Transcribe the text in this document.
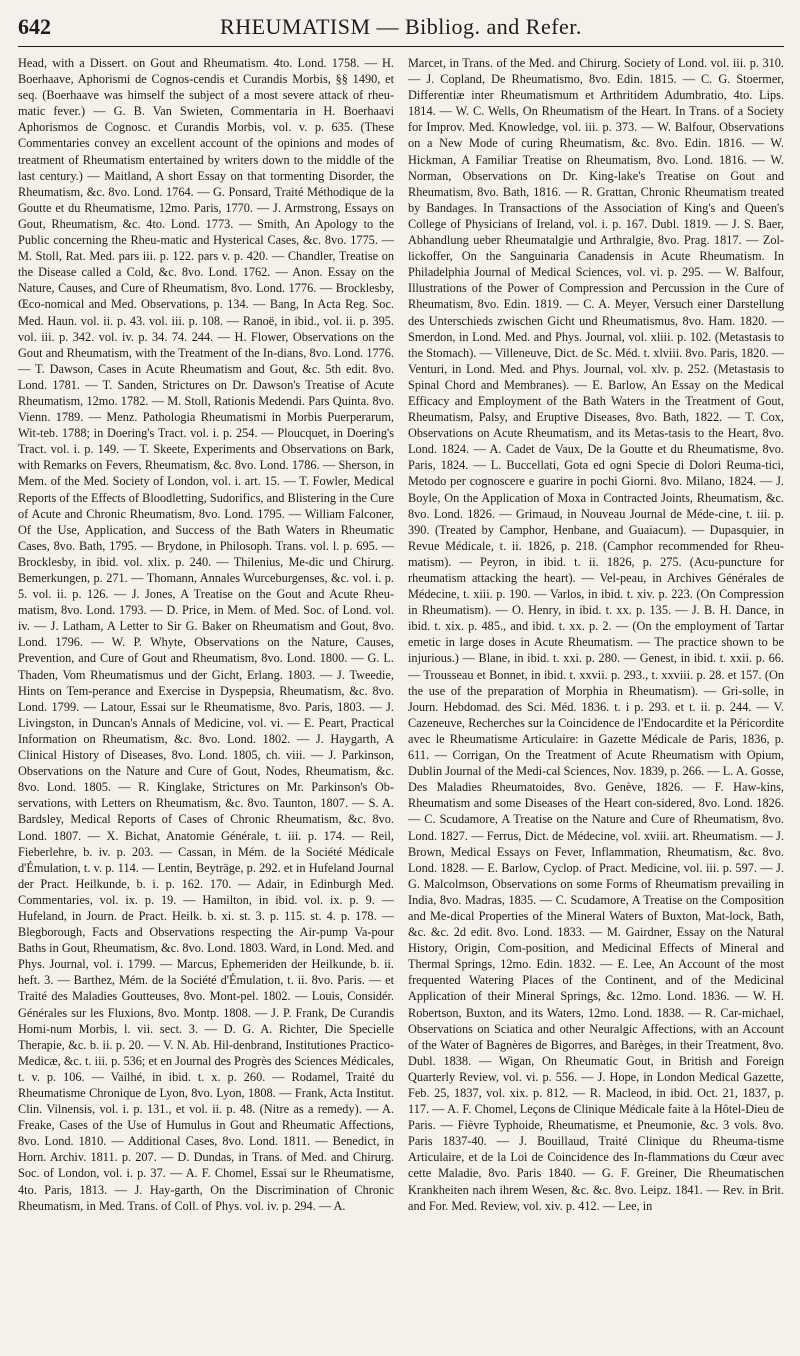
642	RHEUMATISM — Bibliog. and Refer.
Head, with a Dissert. on Gout and Rheumatism. 4to. Lond. 1758. — H. Boerhaave, Aphorismi de Cognos-cendis et Curandis Morbis, §§ 1490, et seq. (Boerhaave was himself the subject of a most severe attack of rheu-matic fever.) — G. B. Van Swieten, Commentaria in H. Boerhaavi Aphorismos de Cognosc. et Curandis Morbis, vol. v. p. 635. (These Commentaries convey an excellent account of the opinions and modes of treatment of Rheumatism entertained by writers down to the middle of the last century.) — Maitland, A short Essay on that tormenting Disorder, the Rheumatism, &c. 8vo. Lond. 1764. — G. Ponsard, Traité Méthodique de la Goutte et du Rheumatisme, 12mo. Paris, 1770. — J. Armstrong, Essays on Gout, Rheumatism, &c. 4to. Lond. 1773. — Smith, An Apology to the Public concerning the Rheu-matic and Hysterical Cases, &c. 8vo. 1775. — M. Stoll, Rat. Med. pars iii. p. 122. pars v. p. 420. — Chandler, Treatise on the Disease called a Cold, &c. 8vo. Lond. 1762. — Anon. Essay on the Nature, Causes, and Cure of Rheumatism, 8vo. Lond. 1776. — Brocklesby, Œco-nomical and Med. Observations, p. 134. — Bang, In Acta Reg. Soc. Med. Haun. vol. ii. p. 43. vol. iii. p. 108. — Ranoë, in ibid., vol. ii. p. 395. vol. iii. p. 342. vol. iv. p. 34. 74. 244. — H. Flower, Observations on the Gout and Rheumatism, with the Treatment of the In-dians, 8vo. Lond. 1776. — T. Dawson, Cases in Acute Rheumatism and Gout, &c. 5th edit. 8vo. Lond. 1781. — T. Sanden, Strictures on Dr. Dawson's Treatise of Acute Rheumatism, 12mo. 1782. — M. Stoll, Rationis Medendi. Pars Quinta. 8vo. Vienn. 1789. — Menz. Pathologia Rheumatismi in Morbis Puerperarum, Wit-teb. 1788; in Doering's Tract. vol. i. p. 254. — Ploucquet, in Doering's Tract. vol. i. p. 149. — T. Skeete, Experiments and Observations on Bark, with Remarks on Fevers, Rheumatism, &c. 8vo. Lond. 1786. — Sherson, in Mem. of the Med. Society of London, vol. i. art. 15. — T. Fowler, Medical Reports of the Effects of Bloodletting, Sudorifics, and Blistering in the Cure of Acute and Chronic Rheumatism, 8vo. Lond. 1795. — William Falconer, Of the Use, Application, and Success of the Bath Waters in Rheumatic Cases, 8vo. Bath, 1795. — Brydone, in Philosoph. Trans. vol. l. p. 695. — Brocklesby, in ibid. vol. xlix. p. 240. — Thilenius, Me-dic und Chirurg. Bemerkungen, p. 271. — Thomann, Annales Wurceburgenses, &c. vol. i. p. 5. vol. ii. p. 126. — J. Jones, A Treatise on the Gout and Acute Rheu-matism, 8vo. Lond. 1793. — D. Price, in Mem. of Med. Soc. of Lond. vol. iv. — J. Latham, A Letter to Sir G. Baker on Rheumatism and Gout, 8vo. Lond. 1796. — W. P. Whyte, Observations on the Nature, Causes, Prevention, and Cure of Gout and Rheumatism, 8vo. Lond. 1800. — G. L. Thaden, Vom Rheumatismus und der Gicht, Erlang. 1803. — J. Tweedie, Hints on Tem-perance and Exercise in Dyspepsia, Rheumatism, &c. 8vo. Lond. 1799. — Latour, Essai sur le Rheumatisme, 8vo. Paris, 1803. — J. Livingston, in Duncan's Annals of Medicine, vol. vi. — E. Peart, Practical Information on Rheumatism, &c. 8vo. Lond. 1802. — J. Haygarth, A Clinical History of Diseases, 8vo. Lond. 1805, ch. viii. — J. Parkinson, Observations on the Nature and Cure of Gout, Nodes, Rheumatism, &c. 8vo. Lond. 1805. — R. Kinglake, Strictures on Mr. Parkinson's Ob-servations, with Letters on Rheumatism, &c. 8vo. Taunton, 1807. — S. A. Bardsley, Medical Reports of Cases of Chronic Rheumatism, &c. 8vo. Lond. 1807. — X. Bichat, Anatomie Générale, t. iii. p. 174. — Reil, Fieberlehre, b. iv. p. 203. — Cassan, in Mém. de la Société Médicale d'Émulation, t. v. p. 114. — Lentin, Beyträge, p. 292. et in Hufeland Journal der Pract. Heilkunde, b. i. p. 162. 170. — Adair, in Edinburgh Med. Commentaries, vol. ix. p. 19. — Hamilton, in ibid. vol. ix. p. 9. — Hufeland, in Journ. de Pract. Heilk. b. xi. st. 3. p. 115. st. 4. p. 178. — Blegborough, Facts and Observations respecting the Air-pump Va-pour Baths in Gout, Rheumatism, &c. 8vo. Lond. 1803. Ward, in Lond. Med. and Phys. Journal, vol. i. 1799. — Marcus, Ephemeriden der Heilkunde, b. ii. heft. 3. — Barthez, Mém. de la Société d'Émulation, t. ii. 8vo. Paris. — et Traité des Maladies Goutteuses, 8vo. Mont-pel. 1802. — Louis, Considér. Générales sur les Fluxions, 8vo. Montp. 1808. — J. P. Frank, De Curandis Homi-num Morbis, l. vii. sect. 3. — D. G. A. Richter, Die Specielle Therapie, &c. b. ii. p. 20. — V. N. Ab. Hil-denbrand, Institutiones Practico-Medicæ, &c. t. iii. p. 536; et en Journal des Progrès des Sciences Médicales, t. v. p. 106. — Vailhé, in ibid. t. x. p. 260. — Rodamel, Traité du Rheumatisme Chronique de Lyon, 8vo. Lyon, 1808. — Frank, Acta Institut. Clin. Vilnensis, vol. i. p. 131., et vol. ii. p. 48. (Nitre as a remedy). — A. Freake, Cases of the Use of Humulus in Gout and Rheumatic Affections, 8vo. Lond. 1810. — Additional Cases, 8vo. Lond. 1811. — Benedict, in Horn. Archiv. 1811. p. 207. — D. Dundas, in Trans. of Med. and Chirurg. Soc. of London, vol. i. p. 37. — A. F. Chomel, Essai sur le Rheumatisme, 4to. Paris, 1813. — J. Hay-garth, On the Discrimination of Chronic Rheumatism, in Med. Trans. of Coll. of Phys. vol. iv. p. 294. — A.
Marcet, in Trans. of the Med. and Chirurg. Society of Lond. vol. iii. p. 310. — J. Copland, De Rheumatismo, 8vo. Edin. 1815. — C. G. Stoermer, Differentiæ inter Rheumatismum et Arthritidem Adumbratio, 4to. Lips. 1814. — W. C. Wells, On Rheumatism of the Heart. In Trans. of a Society for Improv. Med. Knowledge, vol. iii. p. 373. — W. Balfour, Observations on a New Mode of curing Rheumatism, &c. 8vo. Edin. 1816. — W. Hickman, A Familiar Treatise on Rheumatism, 8vo. Lond. 1816. — W. Norman, Observations on Dr. King-lake's Treatise on Gout and Rheumatism, 8vo. Bath, 1816. — R. Grattan, Chronic Rheumatism treated by Bandages. In Transactions of the Association of King's and Queen's College of Physicians of Ireland, vol. i. p. 167. Dubl. 1819. — J. S. Baer, Abhandlung ueber Rheumatalgie und Arthralgie, 8vo. Prag. 1817. — Zol-lickoffer, On the Sanguinaria Canadensis in Acute Rheumatism. In Philadelphia Journal of Medical Sciences, vol. vi. p. 295. — W. Balfour, Illustrations of the Power of Compression and Percussion in the Cure of Rheumatism, 8vo. Edin. 1819. — C. A. Meyer, Versuch einer Darstellung des Unterschieds zwischen Gicht und Rheumatismus, 8vo. Ham. 1820. — Smerdon, in Lond. Med. and Phys. Journal, vol. xliii. p. 102. (Metastasis to the Stomach). — Villeneuve, Dict. de Sc. Méd. t. xlviii. 8vo. Paris, 1820. — Venturi, in Lond. Med. and Phys. Journal, vol. xlv. p. 252. (Metastasis to Spinal Chord and Membranes). — E. Barlow, An Essay on the Medical Efficacy and Employment of the Bath Waters in the Treatment of Gout, Rheumatism, Palsy, and Eruptive Diseases, 8vo. Bath, 1822. — T. Cox, Observations on Acute Rheumatism, and its Metas-tasis to the Heart, 8vo. Lond. 1824. — A. Cadet de Vaux, De la Goutte et du Rheumatisme, 8vo. Paris, 1824. — L. Buccellati, Gota ed ogni Specie di Dolori Reuma-tici, Metodo per cognoscere e guarire in pochi Giorni. 8vo. Milano, 1824. — J. Boyle, On the Application of Moxa in Contracted Joints, Rheumatism, &c. 8vo. Lond. 1826. — Grimaud, in Nouveau Journal de Méde-cine, t. iii. p. 390. (Treated by Camphor, Henbane, and Guaiacum). — Dupasquier, in Revue Médicale, t. ii. 1826, p. 218. (Camphor recommended for Rheu-matism). — Peyron, in ibid. t. ii. 1826, p. 275. (Acu-puncture for rheumatism attacking the heart). — Vel-peau, in Archives Générales de Médecine, t. xiii. p. 190. — Varlos, in ibid. t. xiv. p. 223. (On Compression in Rheumatism). — O. Henry, in ibid. t. xx. p. 135. — J. B. H. Dance, in ibid. t. xix. p. 485., and ibid. t. xx. p. 2. — (On the employment of Tartar emetic in large doses in Acute Rheumatism. — The practice shown to be injurious.) — Blane, in ibid. t. xxi. p. 280. — Genest, in ibid. t. xxii. p. 66. — Trousseau et Bonnet, in ibid. t. xxvii. p. 293., t. xxviii. p. 28. et 157. (On the use of the preparation of Morphia in Rheumatism). — Gri-solle, in Journ. Hebdomad. des Sci. Méd. 1836. t. i p. 293. et t. ii. p. 244. — V. Cazeneuve, Recherches sur la Coincidence de l'Endocardite et la Péricordite avec le Rheumatisme Articulaire: in Gazette Médicale de Paris, 1836, p. 611. — Corrigan, On the Treatment of Acute Rheumatism with Opium, Dublin Journal of the Medi-cal Sciences, Nov. 1839, p. 266. — L. A. Gosse, Des Maladies Rheumatoides, 8vo. Genève, 1826. — F. Haw-kins, Rheumatism and some Diseases of the Heart con-sidered, 8vo. Lond. 1826. — C. Scudamore, A Treatise on the Nature and Cure of Rheumatism, 8vo. Lond. 1827. — Ferrus, Dict. de Médecine, vol. xviii. art. Rheumatism. — J. Brown, Medical Essays on Fever, Inflammation, Rheumatism, &c. 8vo. Lond. 1828. — E. Barlow, Cyclop. of Pract. Medicine, vol. iii. p. 597. — J. G. Malcolmson, Observations on some Forms of Rheumatism prevailing in India, 8vo. Madras, 1835. — C. Scudamore, A Treatise on the Composition and Me-dical Properties of the Mineral Waters of Buxton, Mat-lock, Bath, &c. &c. 2d edit. 8vo. Lond. 1833. — M. Gairdner, Essay on the Natural History, Origin, Com-position, and Medicinal Effects of Mineral and Thermal Springs, 12mo. Edin. 1832. — E. Lee, An Account of the most frequented Watering Places of the Continent, and of the Medicinal Application of their Mineral Springs, &c. 12mo. Lond. 1836. — W. H. Robertson, Buxton, and its Waters, 12mo. Lond. 1838. — R. Car-michael, Observations on Sciatica and other Neuralgic Affections, with an Account of the Water of Bagnères de Bigorres, and Barèges, in their Treatment, 8vo. Dubl. 1838. — Wigan, On Rheumatic Gout, in British and Foreign Quarterly Review, vol. vi. p. 556. — J. Hope, in London Medical Gazette, Feb. 25, 1837, vol. xix. p. 812. — R. Macleod, in ibid. Oct. 21, 1837, p. 117. — A. F. Chomel, Leçons de Clinique Médicale faite à la Hôtel-Dieu de Paris. — Fièvre Typhoide, Rheumatisme, et Pneumonie, &c. 3 vols. 8vo. Paris 1837-40. — J. Bouillaud, Traité Clinique du Rheuma-tisme Articulaire, et de la Loi de Coincidence des In-flammations du Cœur avec cette Maladie, 8vo. Paris 1840. — G. F. Greiner, Die Rheumatischen Krankheiten nach ihrem Wesen, &c. &c. 8vo. Leipz. 1841. — Rev. in Brit. and For. Med. Review, vol. xiv. p. 412. — Lee, in
